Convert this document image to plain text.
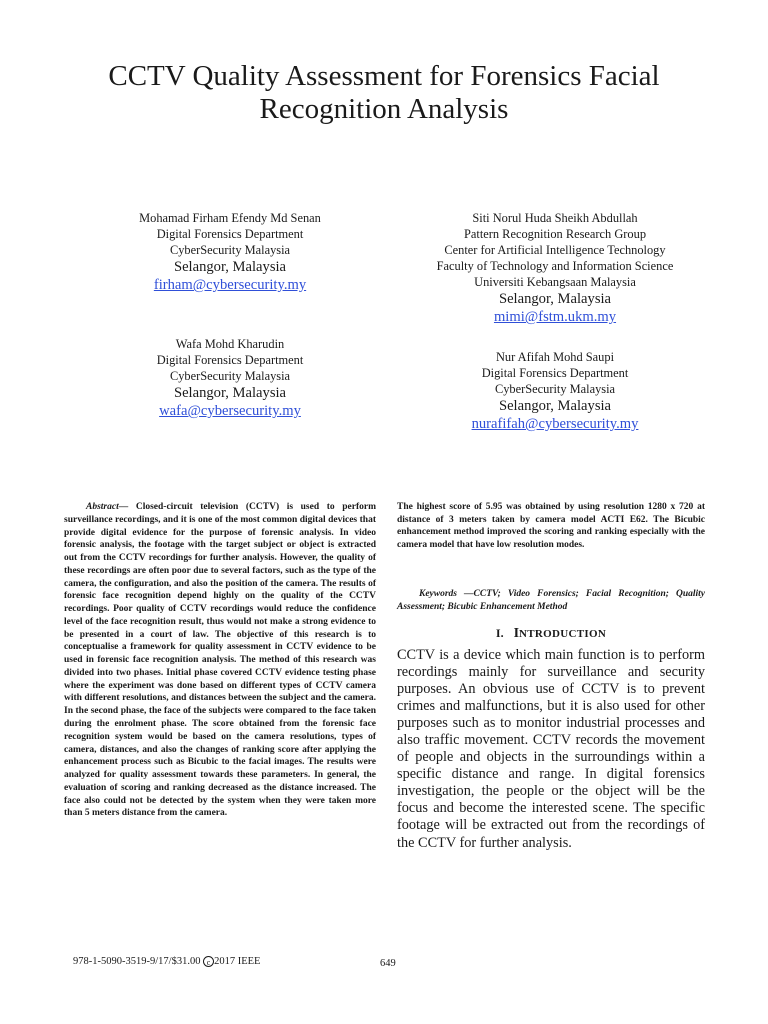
CCTV Quality Assessment for Forensics Facial
Recognition Analysis
Mohamad Firham Efendy Md Senan
Digital Forensics Department
CyberSecurity Malaysia
Selangor, Malaysia
firham@cybersecurity.my
Siti Norul Huda Sheikh Abdullah
Pattern Recognition Research Group
Center for Artificial Intelligence Technology
Faculty of Technology and Information Science
Universiti Kebangsaan Malaysia
Selangor, Malaysia
mimi@fstm.ukm.my
Wafa Mohd Kharudin
Digital Forensics Department
CyberSecurity Malaysia
Selangor, Malaysia
wafa@cybersecurity.my
Nur Afifah Mohd Saupi
Digital Forensics Department
CyberSecurity Malaysia
Selangor, Malaysia
nurafifah@cybersecurity.my

Abstract— Closed-circuit television (CCTV) is used to perform surveillance recordings, and it is one of the most common digital devices that provide digital evidence for the purpose of forensic analysis. In video forensic analysis, the footage with the target subject or object is extracted out from the CCTV recordings for further analysis. However, the quality of these recordings are often poor due to several factors, such as the type of the camera, the configuration, and also the position of the camera. The results of forensic face recognition depend highly on the quality of the CCTV recordings. Poor quality of CCTV recordings would reduce the confidence level of the face recognition result, thus would not make a strong evidence to be presented in a court of law. The objective of this research is to conceptualise a framework for quality assessment in CCTV evidence to be used in forensic face recognition analysis. The method of this research was divided into two phases. Initial phase covered CCTV evidence testing phase where the experiment was done based on different types of CCTV camera with different resolutions, and distances between the subject and the camera. In the second phase, the face of the subjects were compared to the face taken during the enrolment phase. The score obtained from the forensic face recognition system would be based on the camera resolutions, types of camera, distances, and also the changes of ranking score after applying the enhancement process such as Bicubic to the facial images. The results were analyzed for quality assessment towards these parameters. In general, the evaluation of scoring and ranking decreased as the distance increased. The face also could not be detected by the system when they were taken more than 5 meters distance from the camera.

The highest score of 5.95 was obtained by using resolution 1280 x 720 at distance of 3 meters taken by camera model ACTI E62. The Bicubic enhancement method improved the scoring and ranking especially with the camera model that have low resolution modes.

Keywords —CCTV; Video Forensics; Facial Recognition; Quality Assessment; Bicubic Enhancement Method

I. INTRODUCTION

CCTV is a device which main function is to perform recordings mainly for surveillance and security purposes. An obvious use of CCTV is to prevent crimes and malfunctions, but it is also used for other purposes such as to monitor industrial processes and also traffic movement. CCTV records the movement of people and objects in the surroundings within a specific distance and range. In digital forensics investigation, the people or the object will be the focus and become the interested scene. The specific footage will be extracted out from the recordings of the CCTV for further analysis.

978-1-5090-3519-9/17/$31.00 c 2017 IEEE	649
